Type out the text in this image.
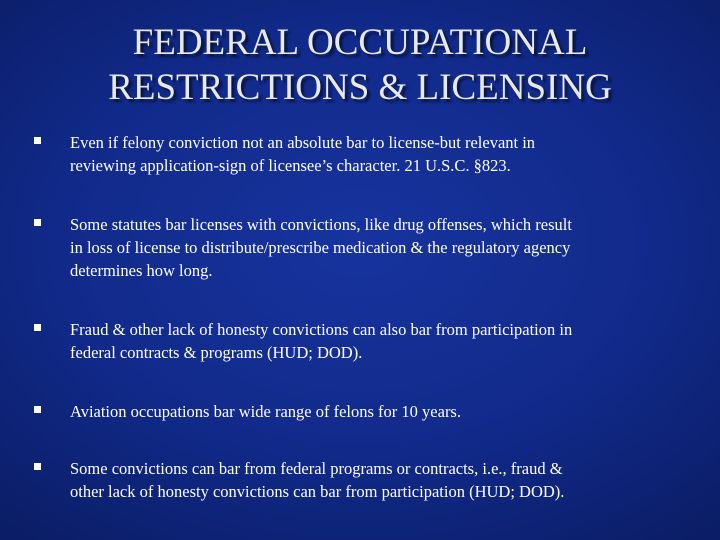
FEDERAL OCCUPATIONAL
RESTRICTIONS & LICENSING
Even if felony conviction not an absolute bar to license-but relevant in
reviewing application-sign of licensee’s character. 21 U.S.C. §823.
Some statutes bar licenses with convictions, like drug offenses, which result
in loss of license to distribute/prescribe medication & the regulatory agency
determines how long.
Fraud & other lack of honesty convictions can also bar from participation in
federal contracts & programs (HUD; DOD).
Aviation occupations bar wide range of felons for 10 years.
Some convictions can bar from federal programs or contracts, i.e., fraud &
other lack of honesty convictions can bar from participation (HUD; DOD).
